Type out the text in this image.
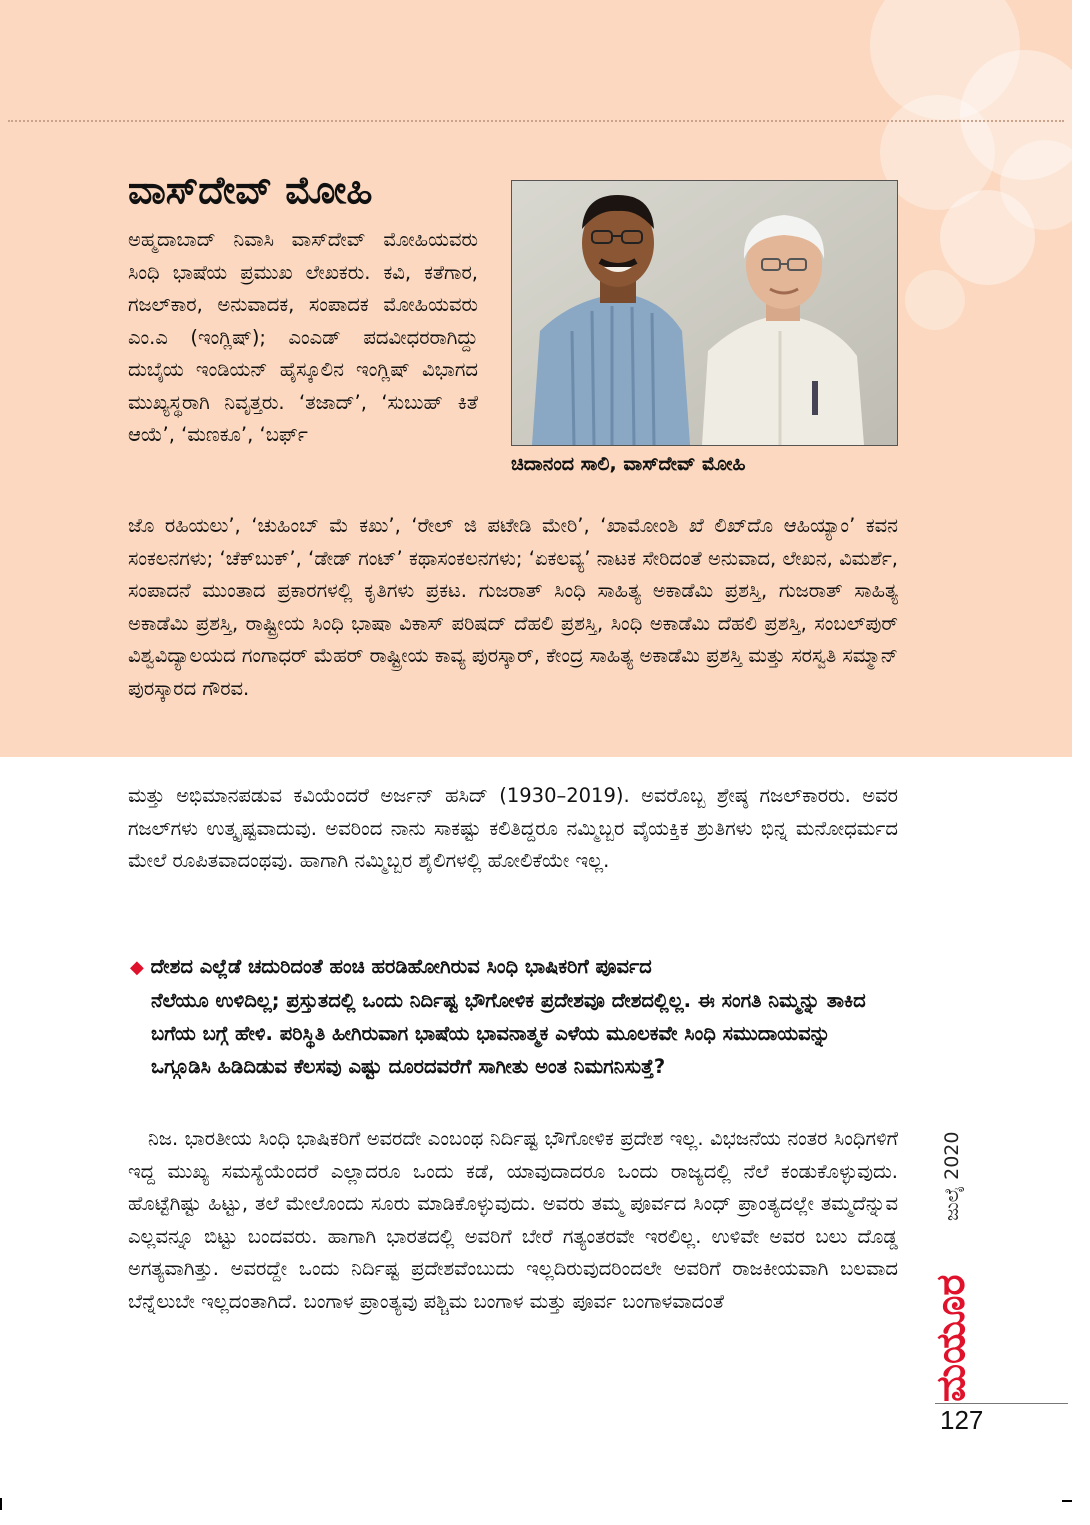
ವಾಸ್‌ದೇವ್ ಮೋಹಿ

ಅಹ್ಮದಾಬಾದ್ ನಿವಾಸಿ ವಾಸ್‌ದೇವ್ ಮೋಹಿಯವರು ಸಿಂಧಿ ಭಾಷೆಯ ಪ್ರಮುಖ ಲೇಖಕರು. ಕವಿ, ಕತೆಗಾರ, ಗಜಲ್‌ಕಾರ, ಅನುವಾದಕ, ಸಂಪಾದಕ ಮೋಹಿಯವರು ಎಂ.ಎ (ಇಂಗ್ಲಿಷ್); ಎಂಎಡ್ ಪದವೀಧರರಾಗಿದ್ದು ದುಬೈಯ ಇಂಡಿಯನ್ ಹೈಸ್ಕೂಲಿನ ಇಂಗ್ಲಿಷ್ ವಿಭಾಗದ ಮುಖ್ಯಸ್ಥರಾಗಿ ನಿವೃತ್ತರು. ‘ತಜಾದ್’, ‘ಸುಬುಹ್ ಕಿತೆ ಆಯೆ’, ‘ಮಣಕೂ’, ‘ಬರ್ಫ್

ಚಿದಾನಂದ ಸಾಲಿ, ವಾಸ್‌ದೇವ್ ಮೋಹಿ

ಜೊ ರಹಿಯಲು’, ‘ಚುಹಿಂಬ್ ಮೆ ಕಖು’, ‘ರೇಲ್ ಜಿ ಪಟೇಡಿ ಮೇರಿ’, ‘ಖಾಮೋಂಶಿ ಖೆ ಲಿಖ್‌ದೊ ಆಹಿಯ್ಯಾಂ’ ಕವನ ಸಂಕಲನಗಳು; ‘ಚೆಕ್‌ಬುಕ್’, ‘ಡೇಡ್ ಗಂಟ್’ ಕಥಾಸಂಕಲನಗಳು; ‘ಏಕಲವ್ಯ’ ನಾಟಕ ಸೇರಿದಂತೆ ಅನುವಾದ, ಲೇಖನ, ವಿಮರ್ಶೆ, ಸಂಪಾದನೆ ಮುಂತಾದ ಪ್ರಕಾರಗಳಲ್ಲಿ ಕೃತಿಗಳು ಪ್ರಕಟ. ಗುಜರಾತ್ ಸಿಂಧಿ ಸಾಹಿತ್ಯ ಅಕಾಡೆಮಿ ಪ್ರಶಸ್ತಿ, ಗುಜರಾತ್ ಸಾಹಿತ್ಯ ಅಕಾಡೆಮಿ ಪ್ರಶಸ್ತಿ, ರಾಷ್ಟ್ರೀಯ ಸಿಂಧಿ ಭಾಷಾ ವಿಕಾಸ್ ಪರಿಷದ್ ದೆಹಲಿ ಪ್ರಶಸ್ತಿ, ಸಿಂಧಿ ಅಕಾಡೆಮಿ ದೆಹಲಿ ಪ್ರಶಸ್ತಿ, ಸಂಬಲ್‌ಪುರ್ ವಿಶ್ವವಿದ್ಯಾಲಯದ ಗಂಗಾಧರ್ ಮೆಹರ್ ರಾಷ್ಟ್ರೀಯ ಕಾವ್ಯ ಪುರಸ್ಕಾರ್, ಕೇಂದ್ರ ಸಾಹಿತ್ಯ ಅಕಾಡೆಮಿ ಪ್ರಶಸ್ತಿ ಮತ್ತು ಸರಸ್ವತಿ ಸಮ್ಮಾನ್ ಪುರಸ್ಕಾರದ ಗೌರವ.

ಮತ್ತು ಅಭಿಮಾನಪಡುವ ಕವಿಯೆಂದರೆ ಅರ್ಜನ್ ಹಸಿದ್ (1930–2019). ಅವರೊಬ್ಬ ಶ್ರೇಷ್ಠ ಗಜಲ್‌ಕಾರರು. ಅವರ ಗಜಲ್‌ಗಳು ಉತ್ಕೃಷ್ಟವಾದುವು. ಅವರಿಂದ ನಾನು ಸಾಕಷ್ಟು ಕಲಿತಿದ್ದರೂ ನಮ್ಮಿಬ್ಬರ ವೈಯಕ್ತಿಕ ಶ್ರುತಿಗಳು ಭಿನ್ನ ಮನೋಧರ್ಮದ ಮೇಲೆ ರೂಪಿತವಾದಂಥವು. ಹಾಗಾಗಿ ನಮ್ಮಿಬ್ಬರ ಶೈಲಿಗಳಲ್ಲಿ ಹೋಲಿಕೆಯೇ ಇಲ್ಲ.

◆ ದೇಶದ ಎಲ್ಲೆಡೆ ಚದುರಿದಂತೆ ಹಂಚಿ ಹರಡಿಹೋಗಿರುವ ಸಿಂಧಿ ಭಾಷಿಕರಿಗೆ ಪೂರ್ವದ
ನೆಲೆಯೂ ಉಳಿದಿಲ್ಲ; ಪ್ರಸ್ತುತದಲ್ಲಿ ಒಂದು ನಿರ್ದಿಷ್ಟ ಭೌಗೋಳಿಕ ಪ್ರದೇಶವೂ ದೇಶದಲ್ಲಿಲ್ಲ. ಈ ಸಂಗತಿ ನಿಮ್ಮನ್ನು ತಾಕಿದ ಬಗೆಯ ಬಗ್ಗೆ ಹೇಳಿ. ಪರಿಸ್ಥಿತಿ ಹೀಗಿರುವಾಗ ಭಾಷೆಯ ಭಾವನಾತ್ಮಕ ಎಳೆಯ ಮೂಲಕವೇ ಸಿಂಧಿ ಸಮುದಾಯವನ್ನು ಒಗ್ಗೂಡಿಸಿ ಹಿಡಿದಿಡುವ ಕೆಲಸವು ಎಷ್ಟು ದೂರದವರೆಗೆ ಸಾಗೀತು ಅಂತ ನಿಮಗನಿಸುತ್ತೆ?

ನಿಜ. ಭಾರತೀಯ ಸಿಂಧಿ ಭಾಷಿಕರಿಗೆ ಅವರದೇ ಎಂಬಂಥ ನಿರ್ದಿಷ್ಟ ಭೌಗೋಳಿಕ ಪ್ರದೇಶ ಇಲ್ಲ. ವಿಭಜನೆಯ ನಂತರ ಸಿಂಧಿಗಳಿಗೆ ಇದ್ದ ಮುಖ್ಯ ಸಮಸ್ಯೆಯೆಂದರೆ ಎಲ್ಲಾದರೂ ಒಂದು ಕಡೆ, ಯಾವುದಾದರೂ ಒಂದು ರಾಜ್ಯದಲ್ಲಿ ನೆಲೆ ಕಂಡುಕೊಳ್ಳುವುದು. ಹೊಟ್ಟೆಗಿಷ್ಟು ಹಿಟ್ಟು, ತಲೆ ಮೇಲೊಂದು ಸೂರು ಮಾಡಿಕೊಳ್ಳುವುದು. ಅವರು ತಮ್ಮ ಪೂರ್ವದ ಸಿಂಧ್ ಪ್ರಾಂತ್ಯದಲ್ಲೇ ತಮ್ಮದೆನ್ನುವ ಎಲ್ಲವನ್ನೂ ಬಿಟ್ಟು ಬಂದವರು. ಹಾಗಾಗಿ ಭಾರತದಲ್ಲಿ ಅವರಿಗೆ ಬೇರೆ ಗತ್ಯಂತರವೇ ಇರಲಿಲ್ಲ. ಉಳಿವೇ ಅವರ ಬಲು ದೊಡ್ಡ ಅಗತ್ಯವಾಗಿತ್ತು. ಅವರದ್ದೇ ಒಂದು ನಿರ್ದಿಷ್ಟ ಪ್ರದೇಶವೆಂಬುದು ಇಲ್ಲದಿರುವುದರಿಂದಲೇ ಅವರಿಗೆ ರಾಜಕೀಯವಾಗಿ ಬಲವಾದ ಬೆನ್ನೆಲುಬೇ ಇಲ್ಲದಂತಾಗಿದೆ. ಬಂಗಾಳ ಪ್ರಾಂತ್ಯವು ಪಶ್ಚಿಮ ಬಂಗಾಳ ಮತ್ತು ಪೂರ್ವ ಬಂಗಾಳವಾದಂತೆ

ಜುಲೈ 2020
ಮಯೂರ
127
